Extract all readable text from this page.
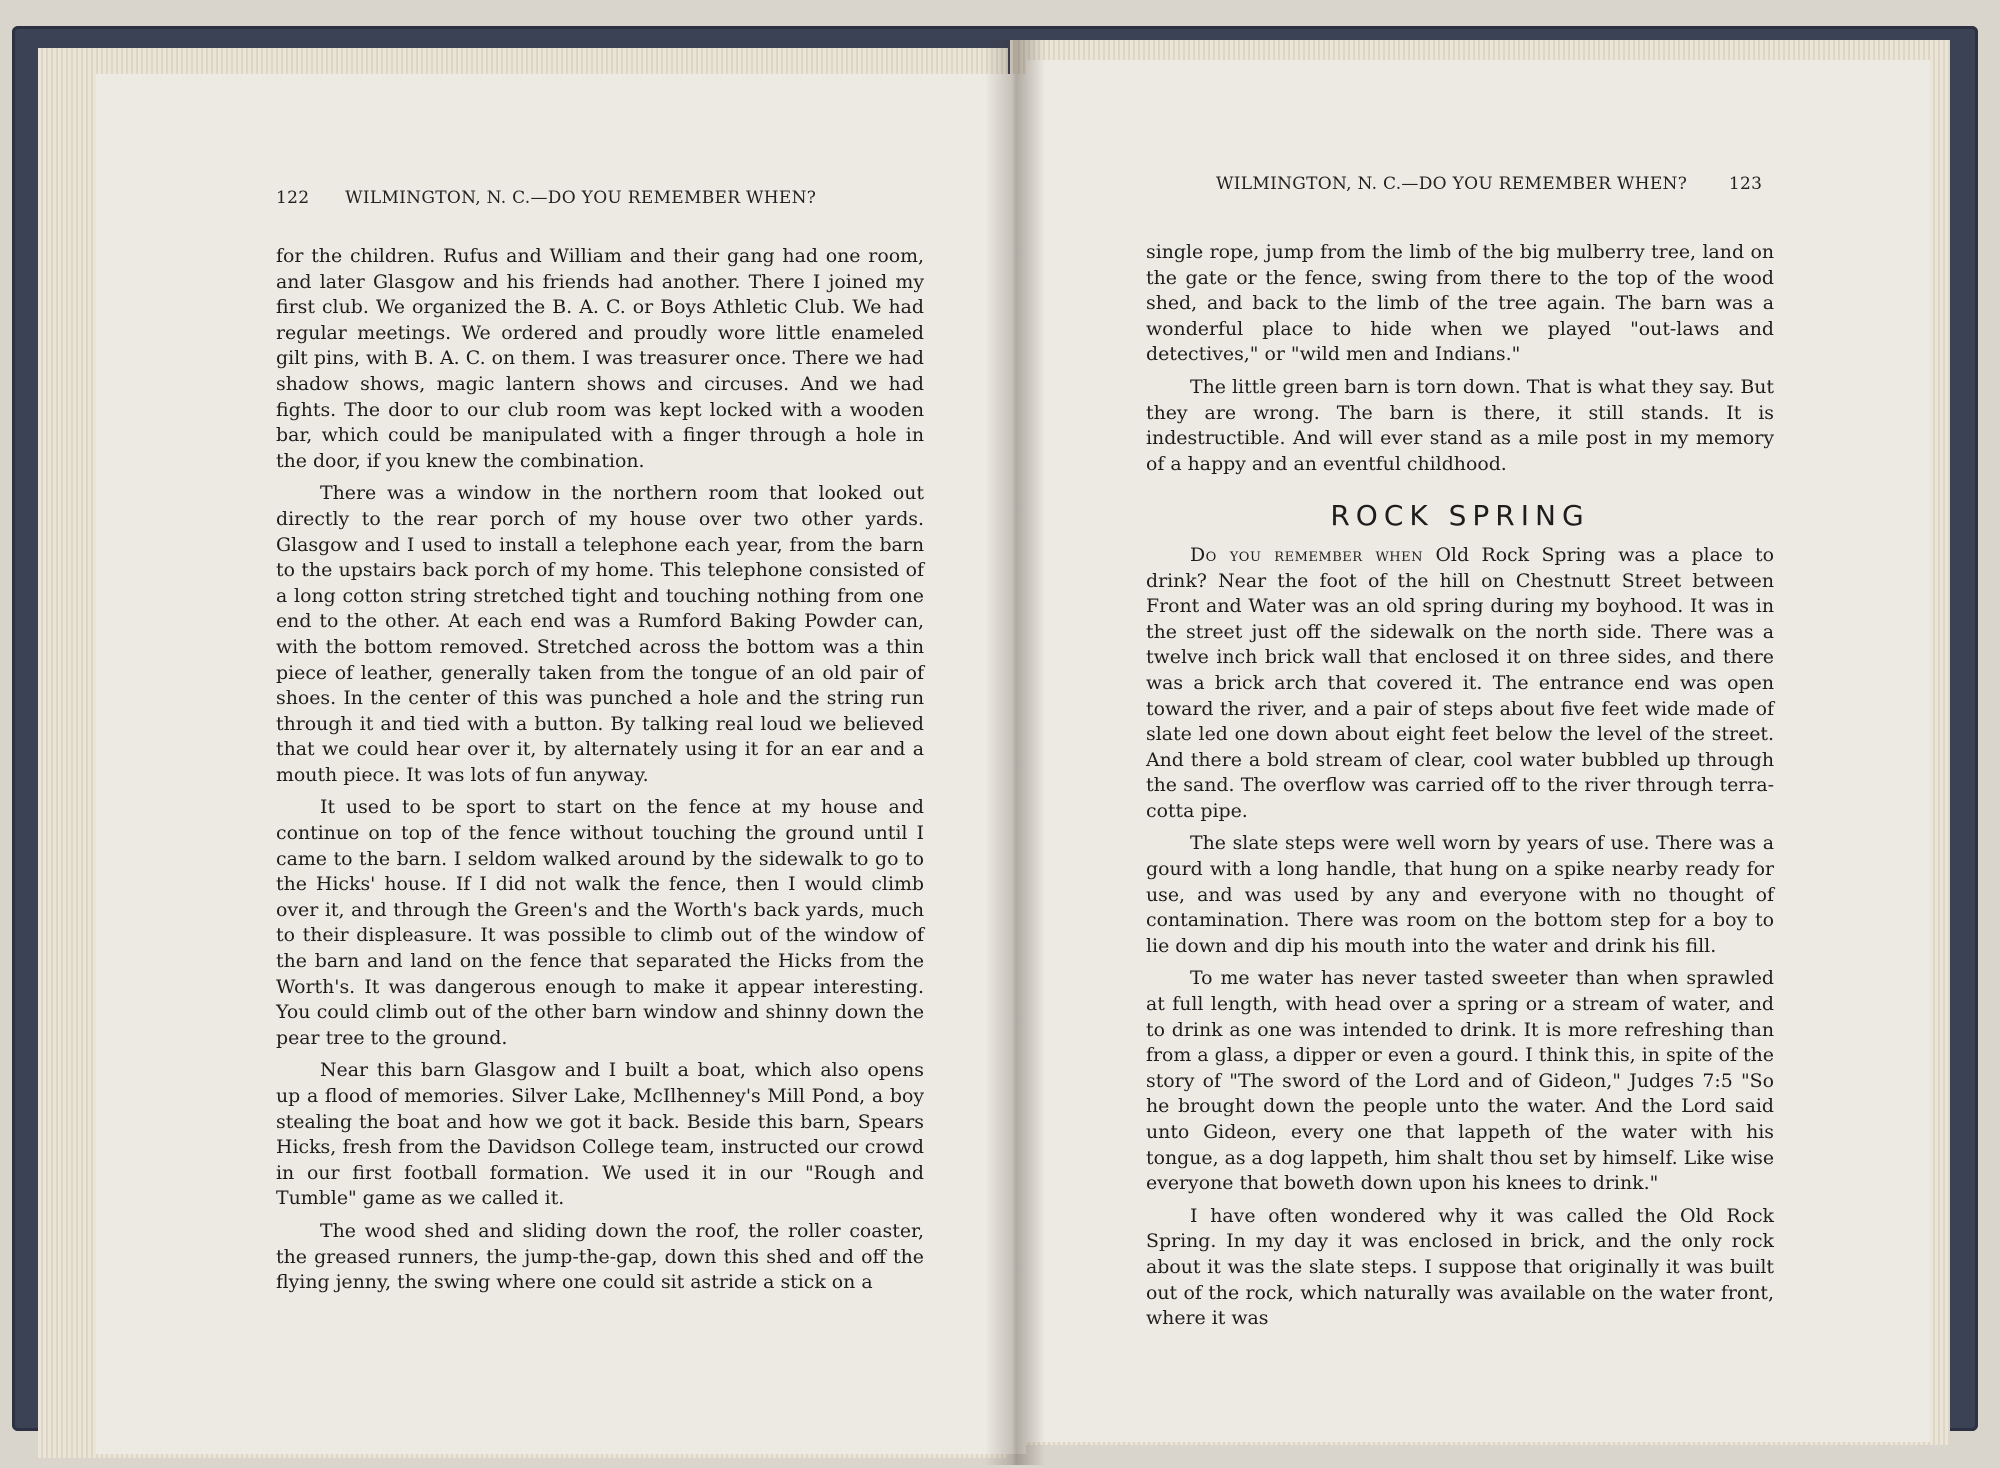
122 WILMINGTON, N. C.—DO YOU REMEMBER WHEN?

for the children. Rufus and William and their gang had one room, and later Glasgow and his friends had another. There I joined my first club. We organized the B. A. C. or Boys Athletic Club. We had regular meetings. We ordered and proudly wore little enameled gilt pins, with B. A. C. on them. I was treasurer once. There we had shadow shows, magic lantern shows and circuses. And we had fights. The door to our club room was kept locked with a wooden bar, which could be manipulated with a finger through a hole in the door, if you knew the combination.

There was a window in the northern room that looked out directly to the rear porch of my house over two other yards. Glasgow and I used to install a telephone each year, from the barn to the upstairs back porch of my home. This telephone consisted of a long cotton string stretched tight and touching nothing from one end to the other. At each end was a Rumford Baking Powder can, with the bottom removed. Stretched across the bottom was a thin piece of leather, generally taken from the tongue of an old pair of shoes. In the center of this was punched a hole and the string run through it and tied with a button. By talking real loud we believed that we could hear over it, by alternately using it for an ear and a mouth piece. It was lots of fun anyway.

It used to be sport to start on the fence at my house and continue on top of the fence without touching the ground until I came to the barn. I seldom walked around by the sidewalk to go to the Hicks' house. If I did not walk the fence, then I would climb over it, and through the Green's and the Worth's back yards, much to their displeasure. It was possible to climb out of the window of the barn and land on the fence that separated the Hicks from the Worth's. It was dangerous enough to make it appear interesting. You could climb out of the other barn window and shinny down the pear tree to the ground.

Near this barn Glasgow and I built a boat, which also opens up a flood of memories. Silver Lake, McIlhenney's Mill Pond, a boy stealing the boat and how we got it back. Beside this barn, Spears Hicks, fresh from the Davidson College team, instructed our crowd in our first football formation. We used it in our "Rough and Tumble" game as we called it.

The wood shed and sliding down the roof, the roller coaster, the greased runners, the jump-the-gap, down this shed and off the flying jenny, the swing where one could sit astride a stick on a

WILMINGTON, N. C.—DO YOU REMEMBER WHEN? 123

single rope, jump from the limb of the big mulberry tree, land on the gate or the fence, swing from there to the top of the wood shed, and back to the limb of the tree again. The barn was a wonderful place to hide when we played "out-laws and detectives," or "wild men and Indians."

The little green barn is torn down. That is what they say. But they are wrong. The barn is there, it still stands. It is indestructible. And will ever stand as a mile post in my memory of a happy and an eventful childhood.

ROCK SPRING

Do you remember when Old Rock Spring was a place to drink? Near the foot of the hill on Chestnutt Street between Front and Water was an old spring during my boyhood. It was in the street just off the sidewalk on the north side. There was a twelve inch brick wall that enclosed it on three sides, and there was a brick arch that covered it. The entrance end was open toward the river, and a pair of steps about five feet wide made of slate led one down about eight feet below the level of the street. And there a bold stream of clear, cool water bubbled up through the sand. The overflow was carried off to the river through terra-cotta pipe.

The slate steps were well worn by years of use. There was a gourd with a long handle, that hung on a spike nearby ready for use, and was used by any and everyone with no thought of contamination. There was room on the bottom step for a boy to lie down and dip his mouth into the water and drink his fill.

To me water has never tasted sweeter than when sprawled at full length, with head over a spring or a stream of water, and to drink as one was intended to drink. It is more refreshing than from a glass, a dipper or even a gourd. I think this, in spite of the story of "The sword of the Lord and of Gideon," Judges 7:5 "So he brought down the people unto the water. And the Lord said unto Gideon, every one that lappeth of the water with his tongue, as a dog lappeth, him shalt thou set by himself. Like wise everyone that boweth down upon his knees to drink."

I have often wondered why it was called the Old Rock Spring. In my day it was enclosed in brick, and the only rock about it was the slate steps. I suppose that originally it was built out of the rock, which naturally was available on the water front, where it was
